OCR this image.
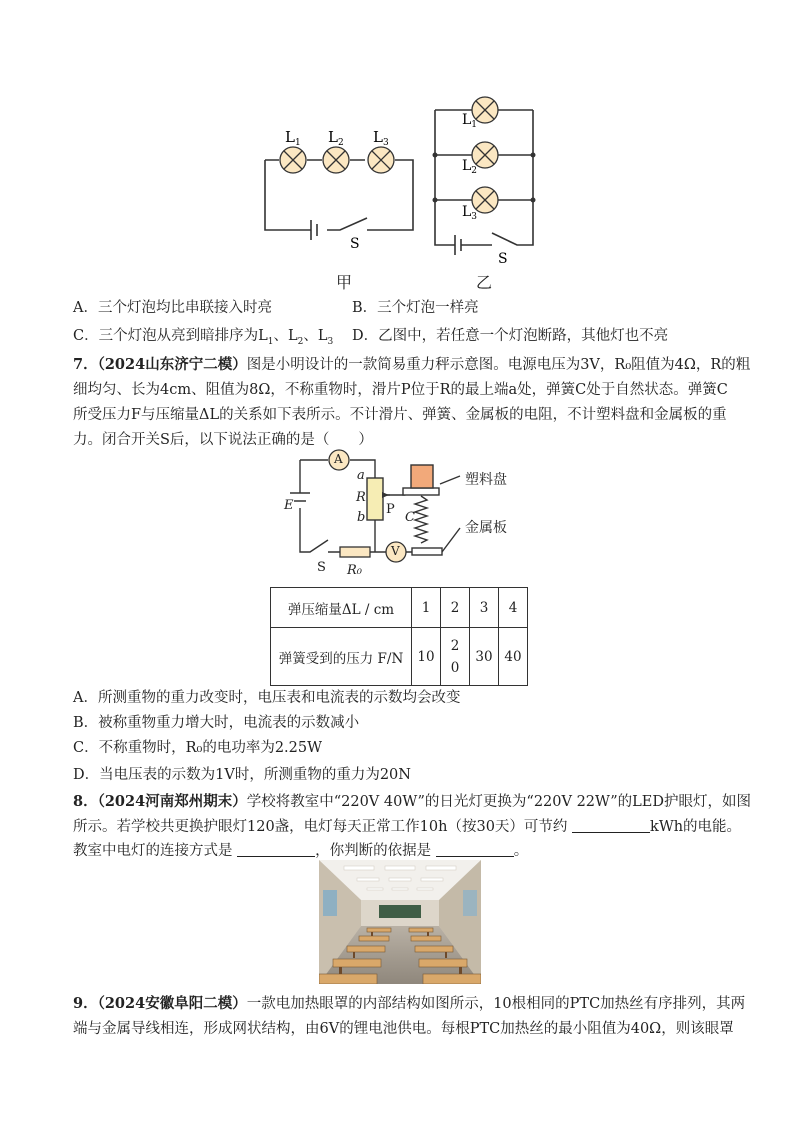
$L_1$ $L_2$ $L_3$
S
$L_1$
$L_2$
$L_3$
S
甲	乙
A．三个灯泡均比串联接入时亮	B．三个灯泡一样亮
C．三个灯泡从亮到暗排序为$L_1$、$L_2$、$L_3$ D．乙图中，若任意一个灯泡断路，其他灯也不亮
7．（2024山东济宁二模）图是小明设计的一款简易重力秤示意图。电源电压为3V，R₀阻值为4Ω，R的粗
细均匀、长为4cm、阻值为8Ω，不称重物时，滑片P位于R的最上端a处，弹簧C处于自然状态。弹簧C
所受压力F与压缩量ΔL的关系如下表所示。不计滑片、弹簧、金属板的电阻，不计塑料盘和金属板的重
力。闭合开关S后，以下说法正确的是（　　）
A
V
E
S R₀
R
a
b
P
C
塑料盘
金属板
弹压缩量ΔL / cm	1	2	3	4
弹簧受到的压力 F/N	10	2
0	30	40
A．所测重物的重力改变时，电压表和电流表的示数均会改变
B．被称重物重力增大时，电流表的示数减小
C．不称重物时，R₀的电功率为2.25W
D．当电压表的示数为1V时，所测重物的重力为20N
8．（2024河南郑州期末）学校将教室中“220V 40W”的日光灯更换为“220V 22W”的LED护眼灯，如图
所示。若学校共更换护眼灯120盏，电灯每天正常工作10h（按30天）可节约	kWh的电能。
教室中电灯的连接方式是	，你判断的依据是	。
9．（2024安徽阜阳二模）一款电加热眼罩的内部结构如图所示，10根相同的PTC加热丝有序排列，其两
端与金属导线相连，形成网状结构，由6V的锂电池供电。每根PTC加热丝的最小阻值为40Ω，则该眼罩
